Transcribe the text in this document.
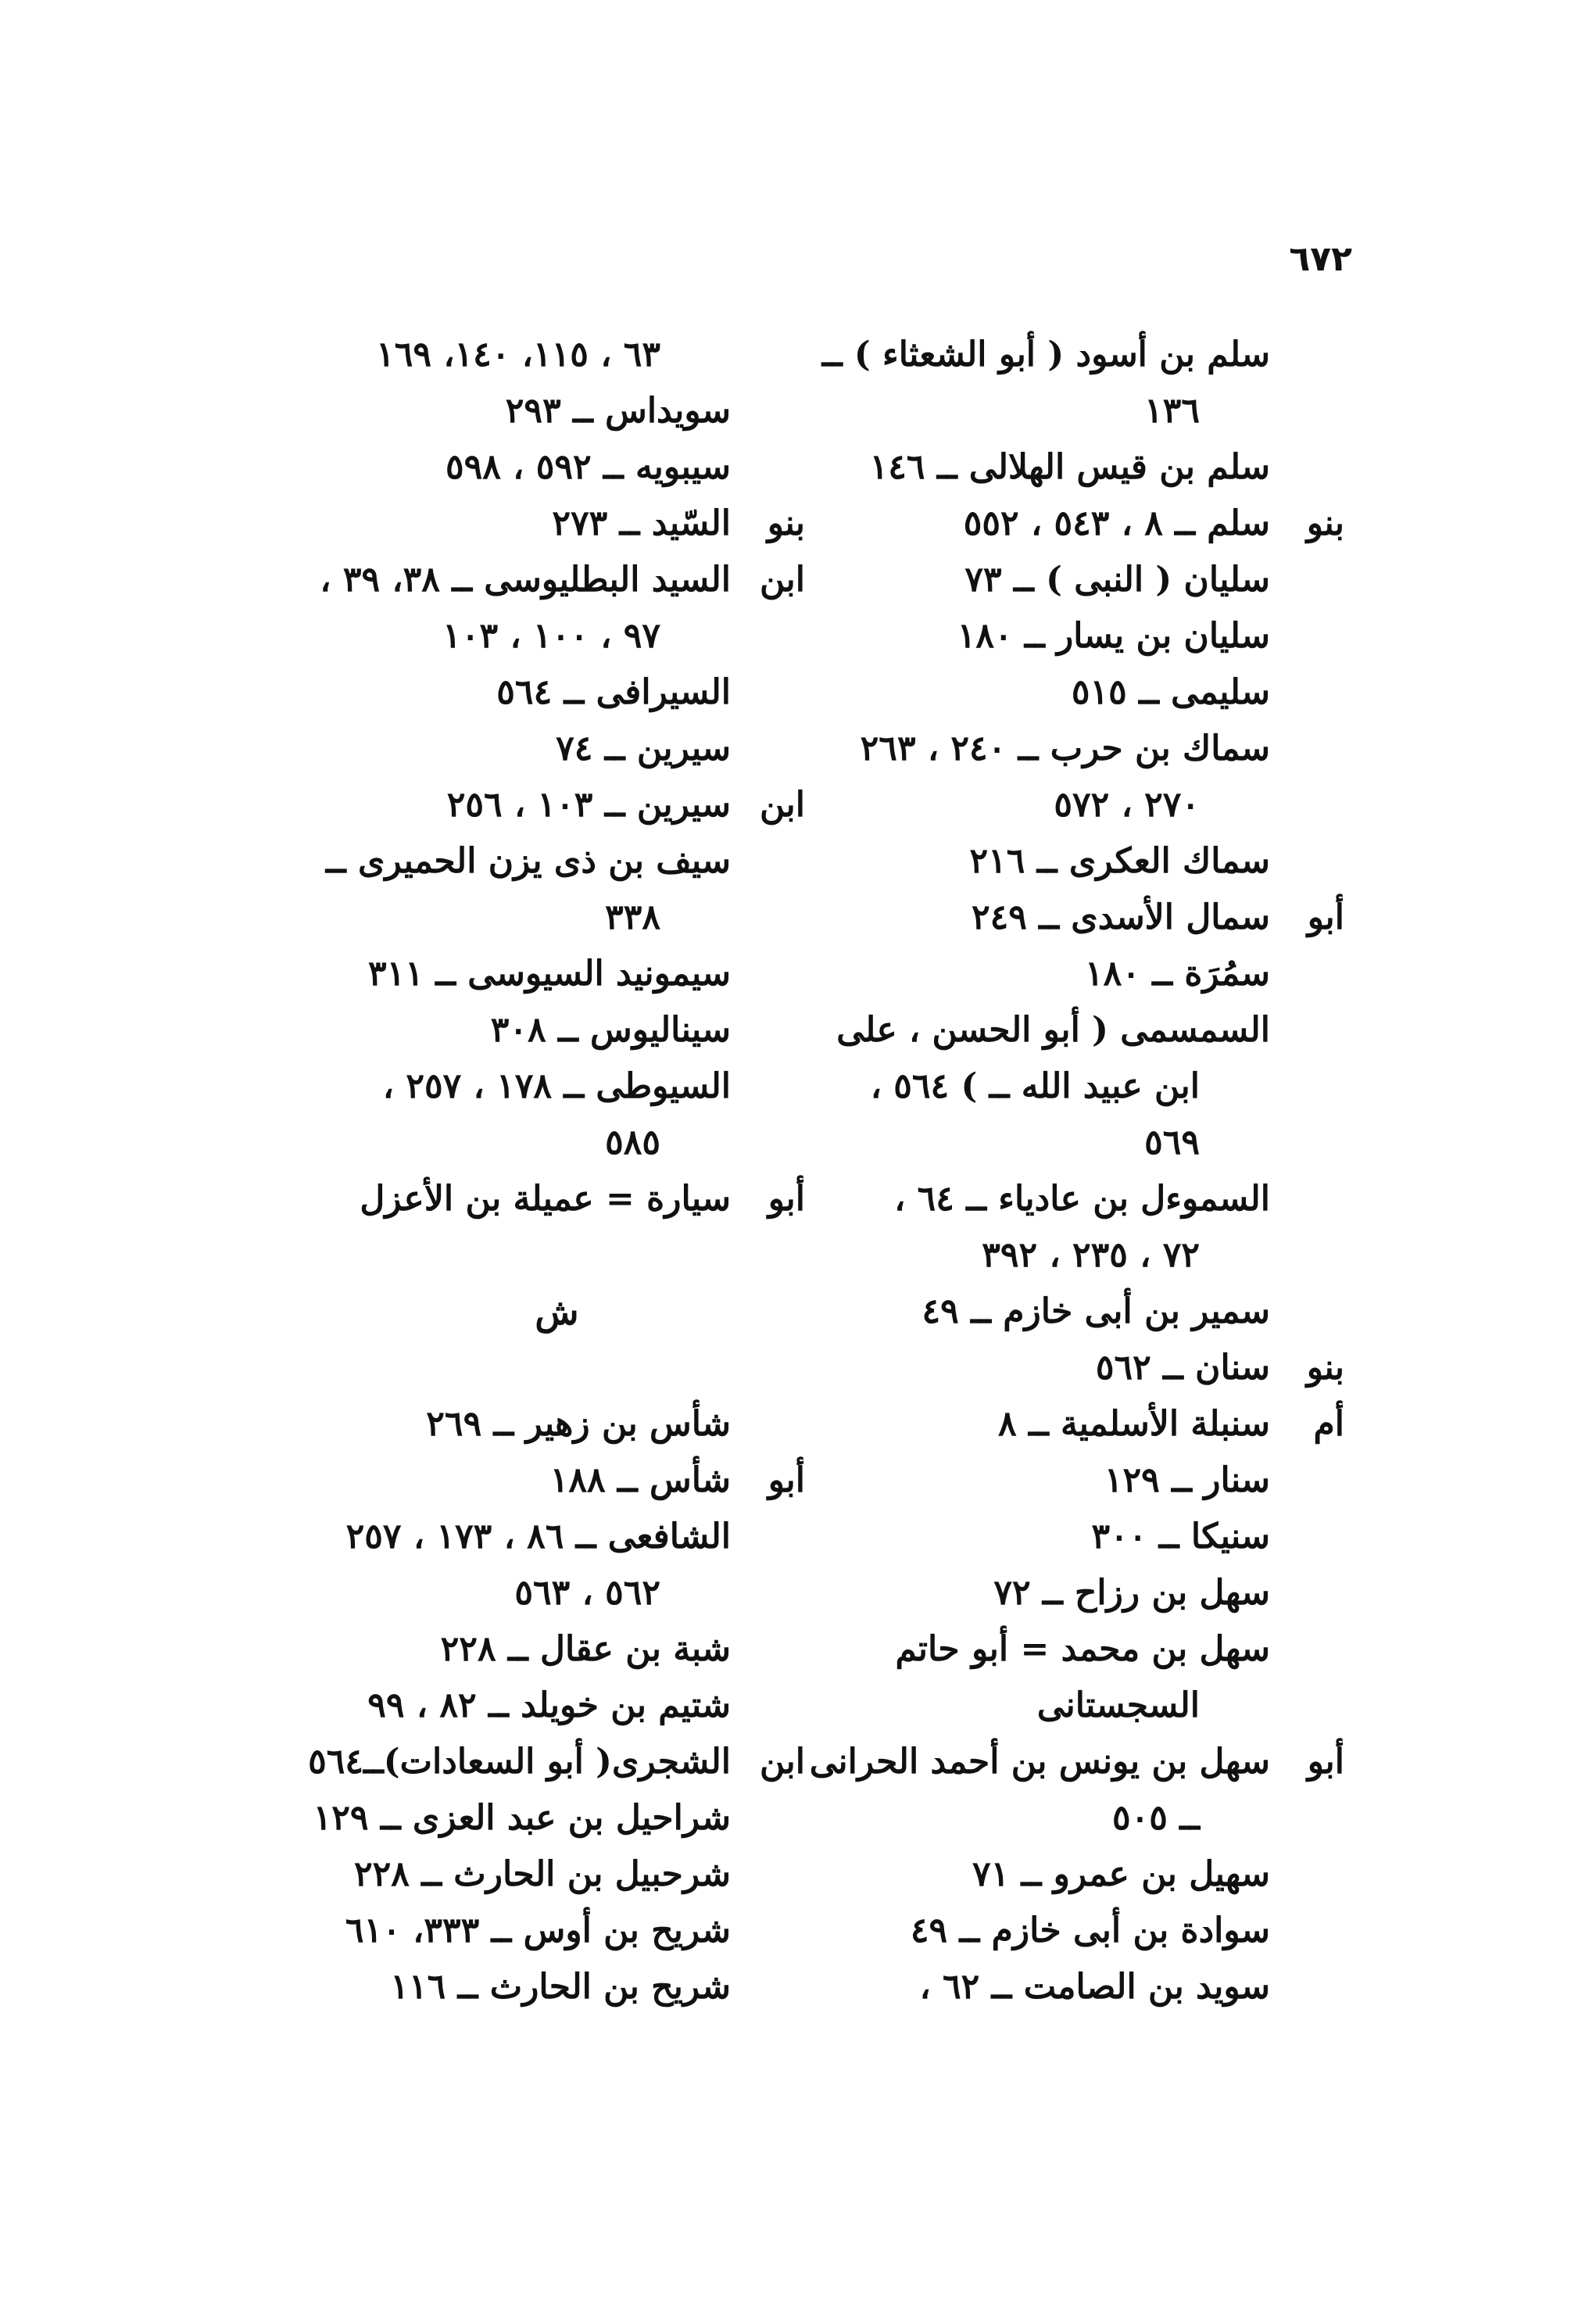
٦٧٢
سلم بن أسود ( أبو الشعثاء ) ــ
١٣٦
سلم بن قيس الهلالى ــ ١٤٦
بنو
سلم ــ ٨ ، ٥٤٣ ، ٥٥٢
سليان ( النبى ) ــ ٧٣
سليان بن يسار ــ ١٨٠
سليمى ــ ٥١٥
سماك بن حرب ــ ٢٤٠ ، ٢٦٣
٢٧٠ ، ٥٧٢
سماك العكرى ــ ٢١٦
أبو
سمال الأسدى ــ ٢٤٩
سمُرَة ــ ١٨٠
السمسمى ( أبو الحسن ، على
ابن عبيد الله ــ ) ٥٦٤ ،
٥٦٩
السموءل بن عادياء ــ ٦٤ ،
٧٢ ، ٢٣٥ ، ٣٩٢
سمير بن أبى خازم ــ ٤٩
بنو
سنان ــ ٥٦٢
أم
سنبلة الأسلمية ــ ٨
سنار ــ ١٢٩
سنيكا ــ ٣٠٠
سهل بن رزاح ــ ٧٢
سهل بن محمد = أبو حاتم
السجستانى
أبو
سهل بن يونس بن أحمد الحرانى
ــ ٥٠٥
سهيل بن عمرو ــ ٧١
سوادة بن أبى خازم ــ ٤٩
سويد بن الصامت ــ ٦٢ ،
٦٣ ، ١١٥، ١٤٠، ١٦٩
سويداس ــ ٢٩٣
سيبويه ــ ٥٩٢ ، ٥٩٨
بنو
السّيد ــ ٢٧٣
ابن
السيد البطليوسى ــ ٣٨، ٣٩ ،
٩٧ ، ١٠٠ ، ١٠٣
السيرافى ــ ٥٦٤
سيرين ــ ٧٤
ابن
سيرين ــ ١٠٣ ، ٢٥٦
سيف بن ذى يزن الحميرى ــ
٣٣٨
سيمونيد السيوسى ــ ٣١١
سيناليوس ــ ٣٠٨
السيوطى ــ ١٧٨ ، ٢٥٧ ،
٥٨٥
أبو
سيارة = عميلة بن الأعزل
ش
شأس بن زهير ــ ٢٦٩
أبو
شأس ــ ١٨٨
الشافعى ــ ٨٦ ، ١٧٣ ، ٢٥٧
٥٦٢ ، ٥٦٣
شبة بن عقال ــ ٢٢٨
شتيم بن خويلد ــ ٨٢ ، ٩٩
ابن
الشجرى( أبو السعادات)ــ٥٦٤
شراحيل بن عبد العزى ــ ١٢٩
شرحبيل بن الحارث ــ ٢٢٨
شريح بن أوس ــ ٣٣٣، ٦١٠
شريح بن الحارث ــ ١١٦
